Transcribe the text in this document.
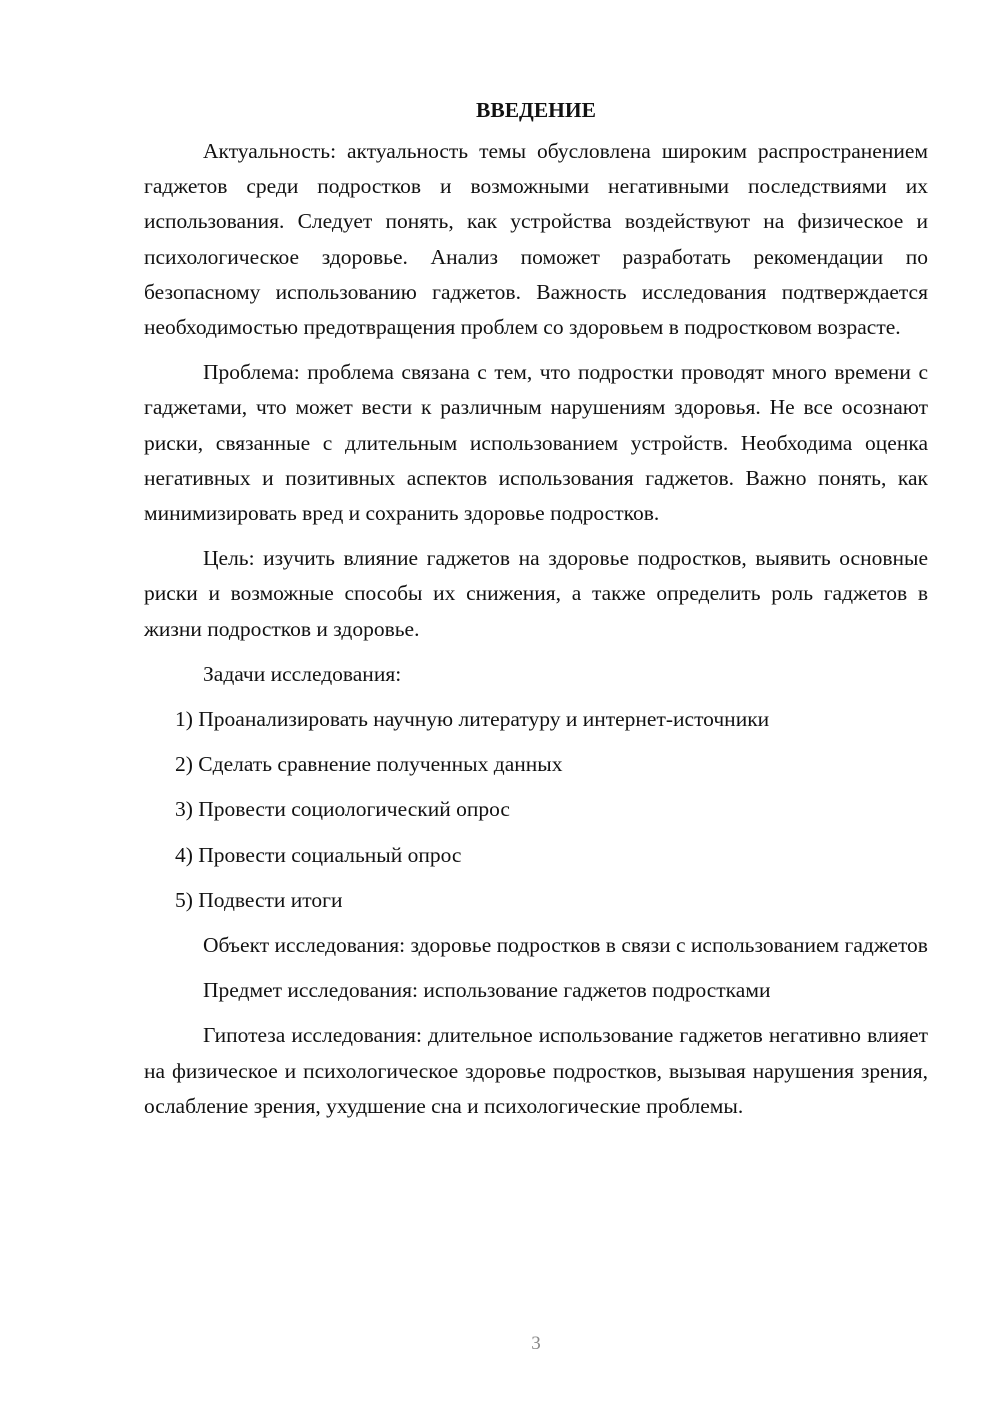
ВВЕДЕНИЕ

Актуальность: актуальность темы обусловлена широким распространением гаджетов среди подростков и возможными негативными последствиями их использования. Следует понять, как устройства воздействуют на физическое и психологическое здоровье. Анализ поможет разработать рекомендации по безопасному использованию гаджетов. Важность исследования подтверждается необходимостью предотвращения проблем со здоровьем в подростковом возрасте.

Проблема: проблема связана с тем, что подростки проводят много времени с гаджетами, что может вести к различным нарушениям здоровья. Не все осознают риски, связанные с длительным использованием устройств. Необходима оценка негативных и позитивных аспектов использования гаджетов. Важно понять, как минимизировать вред и сохранить здоровье подростков.

Цель: изучить влияние гаджетов на здоровье подростков, выявить основные риски и возможные способы их снижения, а также определить роль гаджетов в жизни подростков и здоровье.

Задачи исследования:

1) Проанализировать научную литературу и интернет-источники

2) Сделать сравнение полученных данных

3) Провести социологический опрос

4) Провести социальный опрос

5) Подвести итоги

Объект исследования: здоровье подростков в связи с использованием гаджетов

Предмет исследования: использование гаджетов подростками

Гипотеза исследования: длительное использование гаджетов негативно влияет на физическое и психологическое здоровье подростков, вызывая нарушения зрения, ослабление зрения, ухудшение сна и психологические проблемы.

3
